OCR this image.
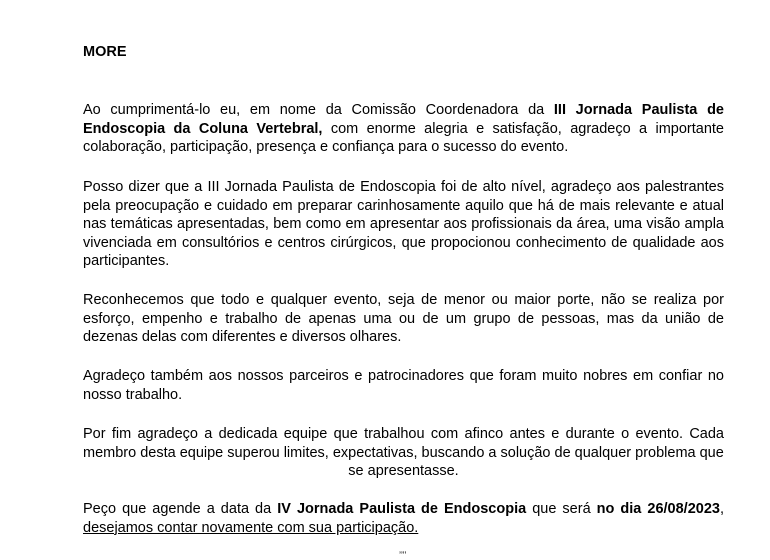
MORE

Ao cumprimentá-lo eu, em nome da Comissão Coordenadora da III Jornada Paulista de Endoscopia da Coluna Vertebral, com enorme alegria e satisfação, agradeço a importante colaboração, participação, presença e confiança para o sucesso do evento.

Posso dizer que a III Jornada Paulista de Endoscopia foi de alto nível, agradeço aos palestrantes pela preocupação e cuidado em preparar carinhosamente aquilo que há de mais relevante e atual nas temáticas apresentadas, bem como em apresentar aos profissionais da área, uma visão ampla vivenciada em consultórios e centros cirúrgicos, que propocionou conhecimento de qualidade aos participantes.

Reconhecemos que todo e qualquer evento, seja de menor ou maior porte, não se realiza por esforço, empenho e trabalho de apenas uma ou de um grupo de pessoas, mas da união de dezenas delas com diferentes e diversos olhares.

Agradeço também aos nossos parceiros e patrocinadores que foram muito nobres em confiar no nosso trabalho.

Por fim agradeço a dedicada equipe que trabalhou com afinco antes e durante o evento. Cada membro desta equipe superou limites, expectativas, buscando a solução de qualquer problema que
se apresentasse.

Peço que agende a data da IV Jornada Paulista de Endoscopia que será no dia 26/08/2023, desejamos contar novamente com sua participação.

’’’’
